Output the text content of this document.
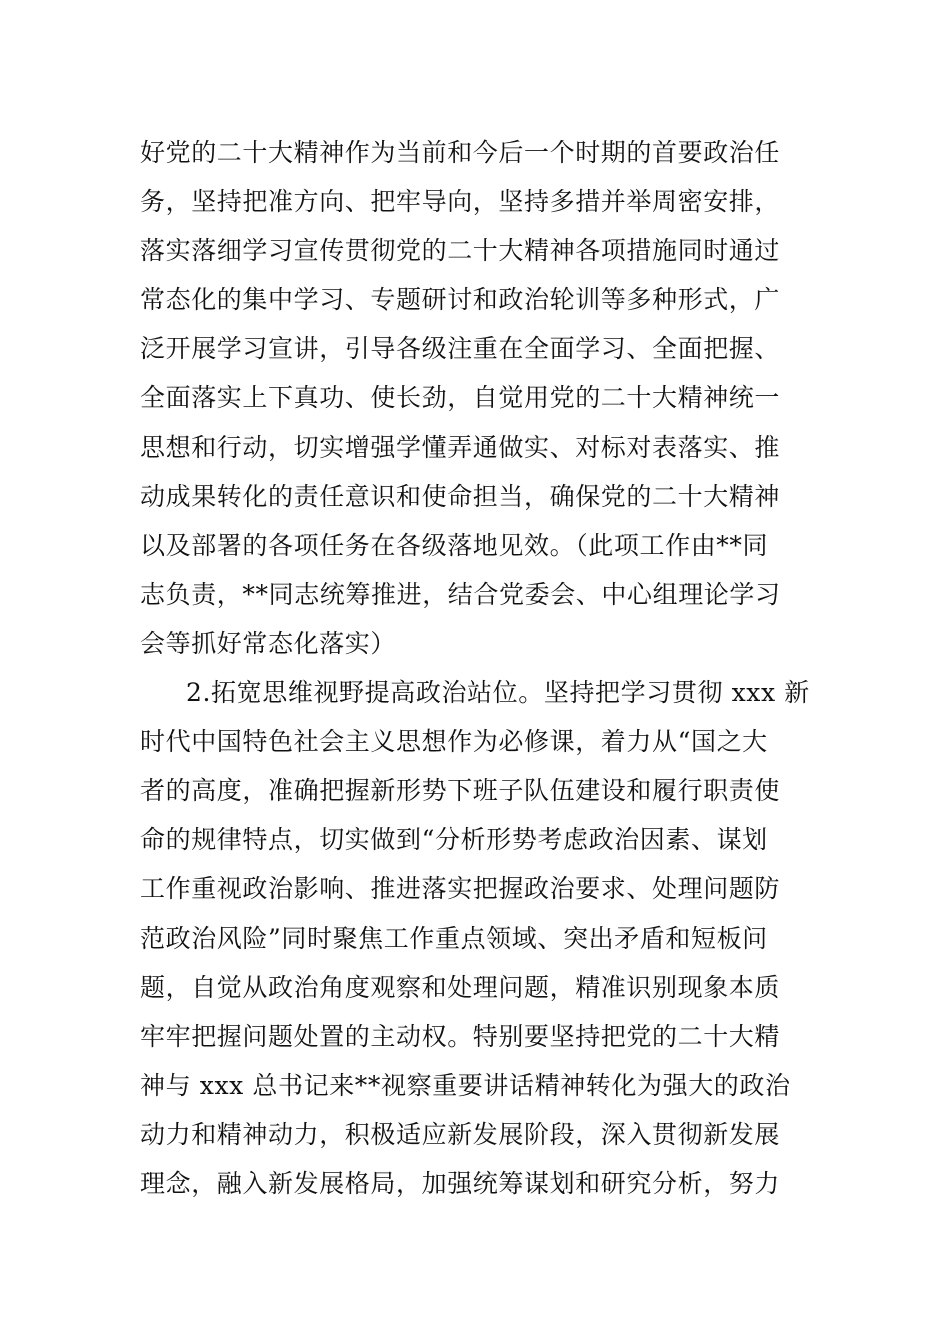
好党的二十大精神作为当前和今后一个时期的首要政治任
务，坚持把准方向、把牢导向，坚持多措并举周密安排，
落实落细学习宣传贯彻党的二十大精神各项措施同时通过
常态化的集中学习、专题研讨和政治轮训等多种形式，广
泛开展学习宣讲，引导各级注重在全面学习、全面把握、
全面落实上下真功、使长劲，自觉用党的二十大精神统一
思想和行动，切实增强学懂弄通做实、对标对表落实、推
动成果转化的责任意识和使命担当，确保党的二十大精神
以及部署的各项任务在各级落地见效。（此项工作由**同
志负责，**同志统筹推进，结合党委会、中心组理论学习
会等抓好常态化落实）
2.拓宽思维视野提高政治站位。坚持把学习贯彻 xxx 新
时代中国特色社会主义思想作为必修课，着力从“国之大
者的高度，准确把握新形势下班子队伍建设和履行职责使
命的规律特点，切实做到“分析形势考虑政治因素、谋划
工作重视政治影响、推进落实把握政治要求、处理问题防
范政治风险”同时聚焦工作重点领域、突出矛盾和短板问
题，自觉从政治角度观察和处理问题，精准识别现象本质
牢牢把握问题处置的主动权。特别要坚持把党的二十大精
神与 xxx 总书记来**视察重要讲话精神转化为强大的政治
动力和精神动力，积极适应新发展阶段，深入贯彻新发展
理念，融入新发展格局，加强统筹谋划和研究分析，努力
